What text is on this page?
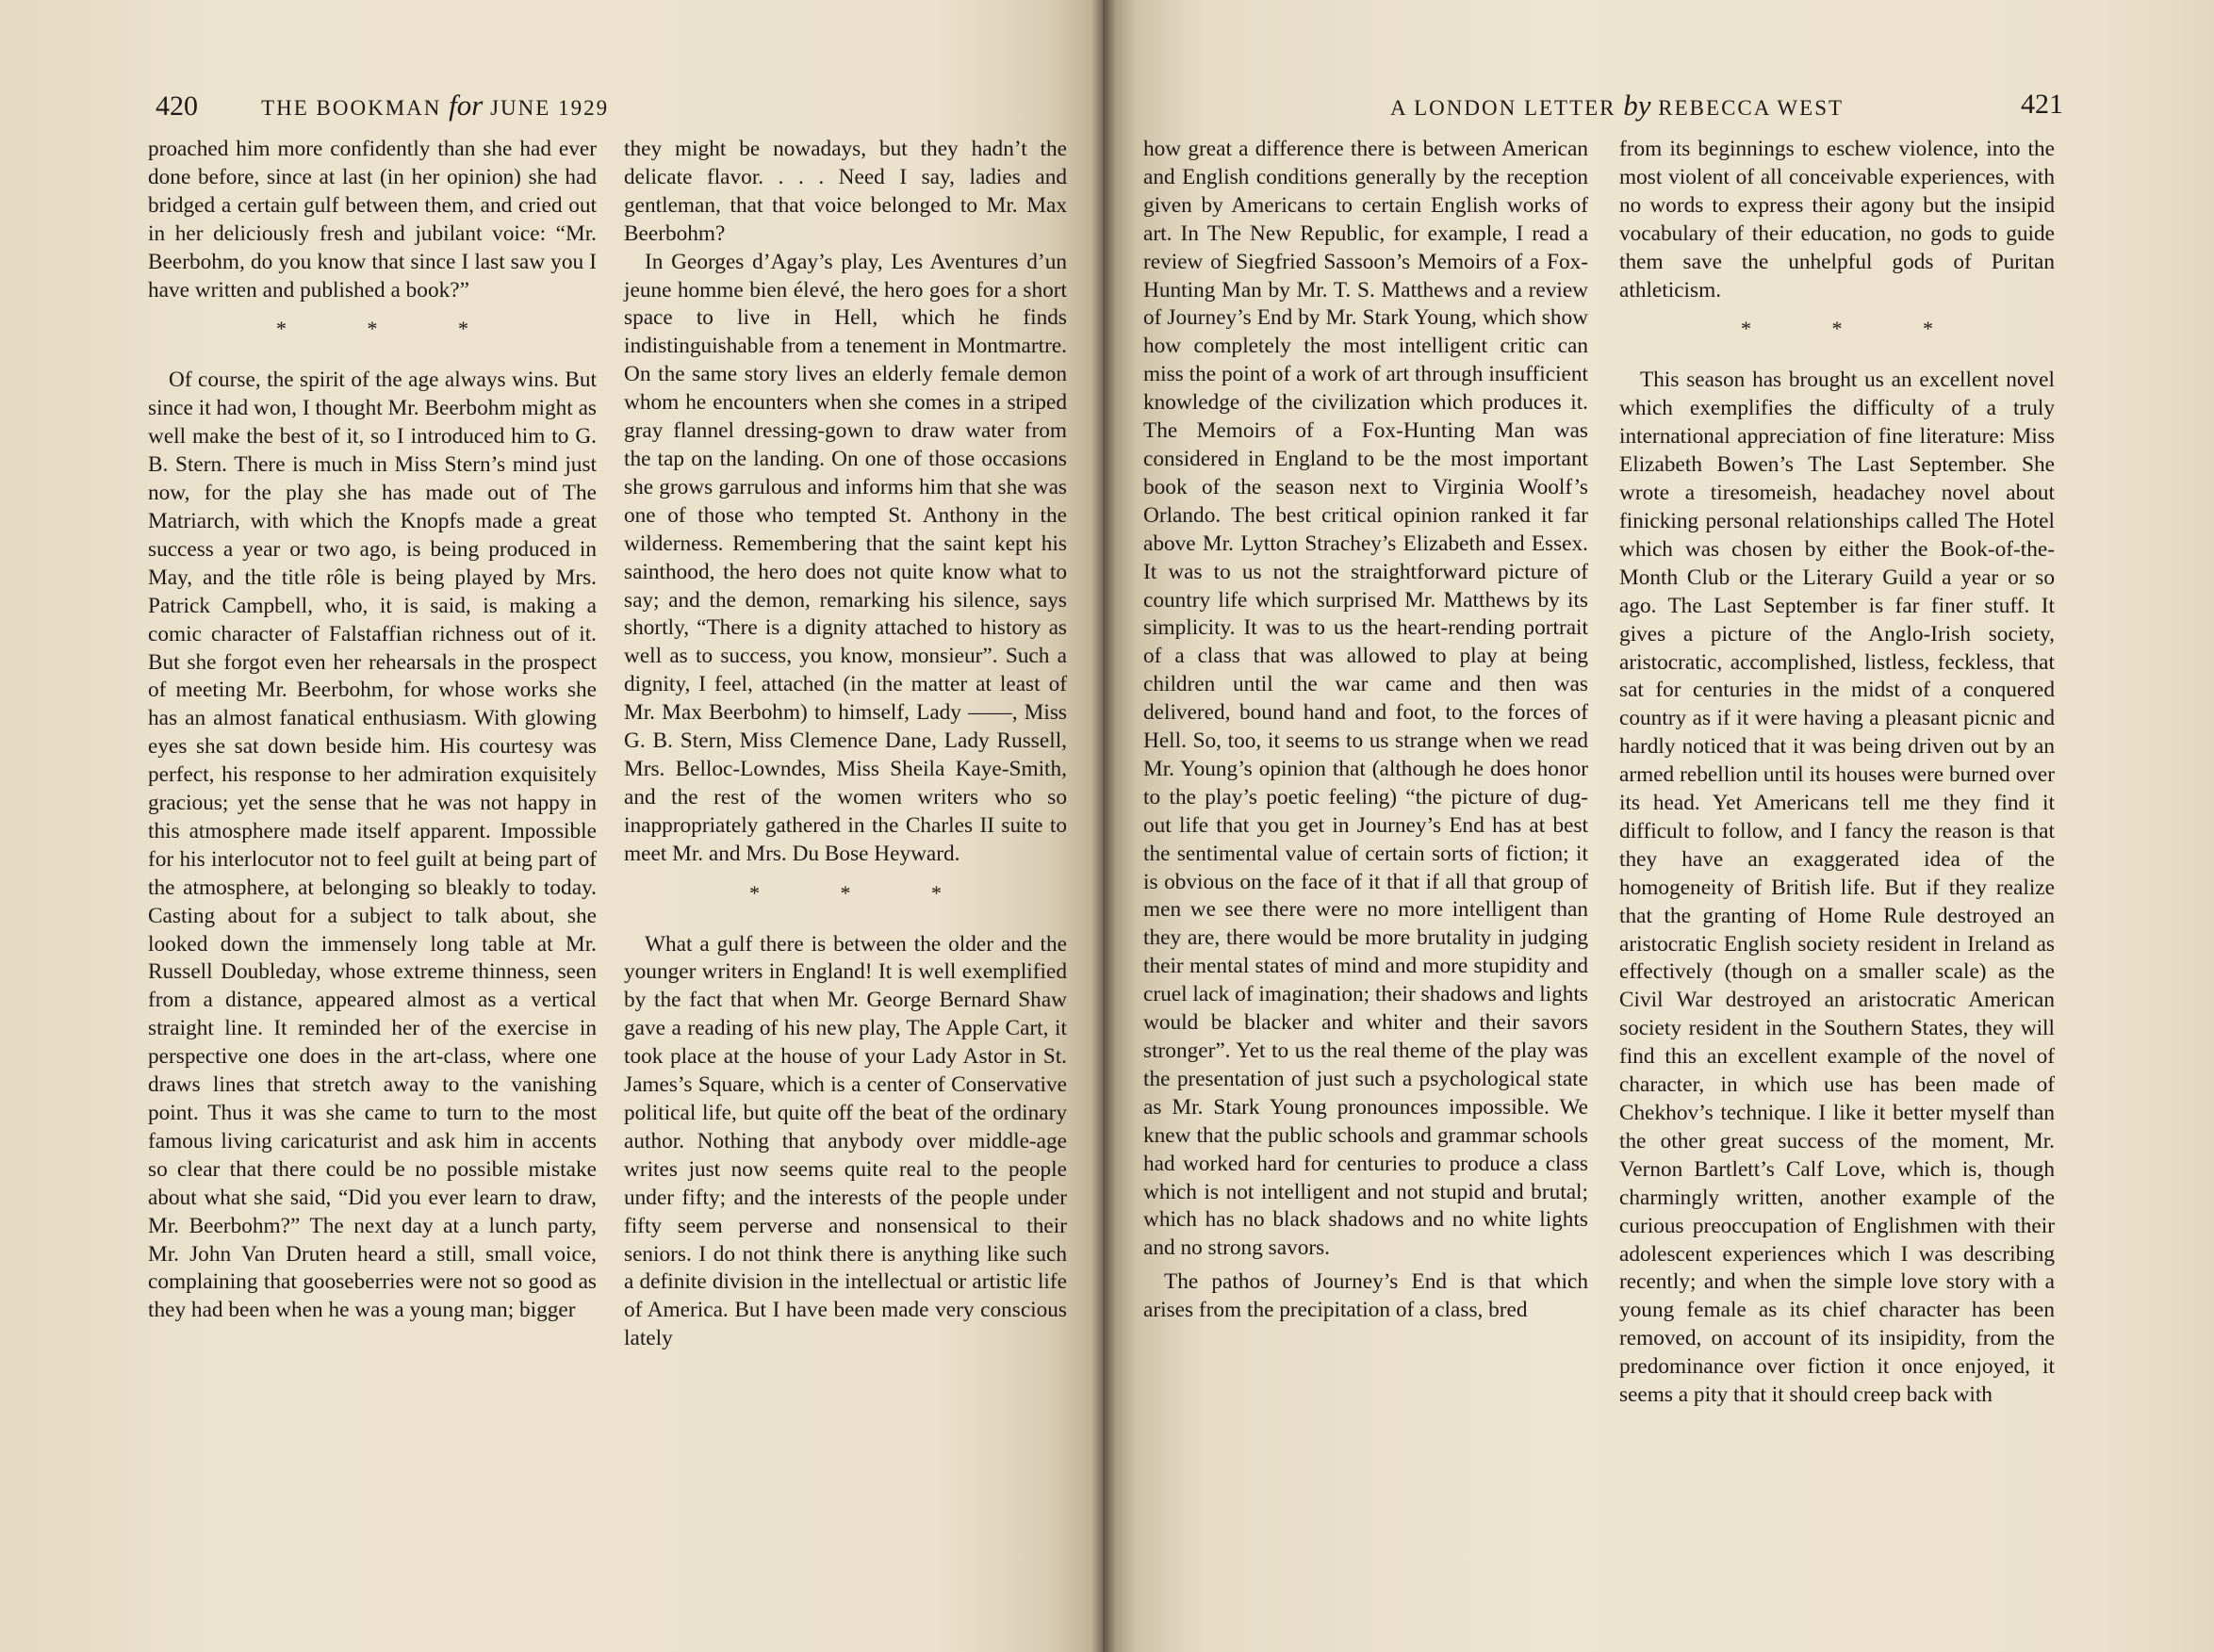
420	THE BOOKMAN for JUNE 1929

proached him more confidently than she had ever done before, since at last (in her opinion) she had bridged a certain gulf between them, and cried out in her deliciously fresh and jubilant voice: “Mr. Beerbohm, do you know that since I last saw you I have written and published a book?”

* * *

Of course, the spirit of the age always wins. But since it had won, I thought Mr. Beerbohm might as well make the best of it, so I introduced him to G. B. Stern. There is much in Miss Stern’s mind just now, for the play she has made out of The Matriarch, with which the Knopfs made a great success a year or two ago, is being produced in May, and the title rôle is being played by Mrs. Patrick Campbell, who, it is said, is making a comic character of Falstaffian richness out of it. But she forgot even her rehearsals in the prospect of meeting Mr. Beerbohm, for whose works she has an almost fanatical enthusiasm. With glowing eyes she sat down beside him. His courtesy was perfect, his response to her admiration exquisitely gracious; yet the sense that he was not happy in this atmosphere made itself apparent. Impossible for his interlocutor not to feel guilt at being part of the atmosphere, at belonging so bleakly to today. Casting about for a subject to talk about, she looked down the immensely long table at Mr. Russell Doubleday, whose extreme thinness, seen from a distance, appeared almost as a vertical straight line. It reminded her of the exercise in perspective one does in the art-class, where one draws lines that stretch away to the vanishing point. Thus it was she came to turn to the most famous living caricaturist and ask him in accents so clear that there could be no possible mistake about what she said, “Did you ever learn to draw, Mr. Beerbohm?” The next day at a lunch party, Mr. John Van Druten heard a still, small voice, complaining that gooseberries were not so good as they had been when he was a young man; bigger

they might be nowadays, but they hadn’t the delicate flavor. . . . Need I say, ladies and gentleman, that that voice belonged to Mr. Max Beerbohm?

In Georges d’Agay’s play, Les Aventures d’un jeune homme bien élevé, the hero goes for a short space to live in Hell, which he finds indistinguishable from a tenement in Montmartre. On the same story lives an elderly female demon whom he encounters when she comes in a striped gray flannel dressing-gown to draw water from the tap on the landing. On one of those occasions she grows garrulous and informs him that she was one of those who tempted St. Anthony in the wilderness. Remembering that the saint kept his sainthood, the hero does not quite know what to say; and the demon, remarking his silence, says shortly, “There is a dignity attached to history as well as to success, you know, monsieur”. Such a dignity, I feel, attached (in the matter at least of Mr. Max Beerbohm) to himself, Lady ——, Miss G. B. Stern, Miss Clemence Dane, Lady Russell, Mrs. Belloc-Lowndes, Miss Sheila Kaye-Smith, and the rest of the women writers who so inappropriately gathered in the Charles II suite to meet Mr. and Mrs. Du Bose Heyward.

* * *

What a gulf there is between the older and the younger writers in England! It is well exemplified by the fact that when Mr. George Bernard Shaw gave a reading of his new play, The Apple Cart, it took place at the house of your Lady Astor in St. James’s Square, which is a center of Conservative political life, but quite off the beat of the ordinary author. Nothing that anybody over middle-age writes just now seems quite real to the people under fifty; and the interests of the people under fifty seem perverse and nonsensical to their seniors. I do not think there is anything like such a definite division in the intellectual or artistic life of America. But I have been made very conscious lately

A LONDON LETTER by REBECCA WEST	421

how great a difference there is between American and English conditions generally by the reception given by Americans to certain English works of art. In The New Republic, for example, I read a review of Siegfried Sassoon’s Memoirs of a Fox-Hunting Man by Mr. T. S. Matthews and a review of Journey’s End by Mr. Stark Young, which show how completely the most intelligent critic can miss the point of a work of art through insufficient knowledge of the civilization which produces it. The Memoirs of a Fox-Hunting Man was considered in England to be the most important book of the season next to Virginia Woolf’s Orlando. The best critical opinion ranked it far above Mr. Lytton Strachey’s Elizabeth and Essex. It was to us not the straightforward picture of country life which surprised Mr. Matthews by its simplicity. It was to us the heart-rending portrait of a class that was allowed to play at being children until the war came and then was delivered, bound hand and foot, to the forces of Hell. So, too, it seems to us strange when we read Mr. Young’s opinion that (although he does honor to the play’s poetic feeling) “the picture of dug-out life that you get in Journey’s End has at best the sentimental value of certain sorts of fiction; it is obvious on the face of it that if all that group of men we see there were no more intelligent than they are, there would be more brutality in judging their mental states of mind and more stupidity and cruel lack of imagination; their shadows and lights would be blacker and whiter and their savors stronger”. Yet to us the real theme of the play was the presentation of just such a psychological state as Mr. Stark Young pronounces impossible. We knew that the public schools and grammar schools had worked hard for centuries to produce a class which is not intelligent and not stupid and brutal; which has no black shadows and no white lights and no strong savors.

The pathos of Journey’s End is that which arises from the precipitation of a class, bred

from its beginnings to eschew violence, into the most violent of all conceivable experiences, with no words to express their agony but the insipid vocabulary of their education, no gods to guide them save the unhelpful gods of Puritan athleticism.

* * *

This season has brought us an excellent novel which exemplifies the difficulty of a truly international appreciation of fine literature: Miss Elizabeth Bowen’s The Last September. She wrote a tiresomeish, headachey novel about finicking personal relationships called The Hotel which was chosen by either the Book-of-the-Month Club or the Literary Guild a year or so ago. The Last September is far finer stuff. It gives a picture of the Anglo-Irish society, aristocratic, accomplished, listless, feckless, that sat for centuries in the midst of a conquered country as if it were having a pleasant picnic and hardly noticed that it was being driven out by an armed rebellion until its houses were burned over its head. Yet Americans tell me they find it difficult to follow, and I fancy the reason is that they have an exaggerated idea of the homogeneity of British life. But if they realize that the granting of Home Rule destroyed an aristocratic English society resident in Ireland as effectively (though on a smaller scale) as the Civil War destroyed an aristocratic American society resident in the Southern States, they will find this an excellent example of the novel of character, in which use has been made of Chekhov’s technique. I like it better myself than the other great success of the moment, Mr. Vernon Bartlett’s Calf Love, which is, though charmingly written, another example of the curious preoccupation of Englishmen with their adolescent experiences which I was describing recently; and when the simple love story with a young female as its chief character has been removed, on account of its insipidity, from the predominance over fiction it once enjoyed, it seems a pity that it should creep back with
